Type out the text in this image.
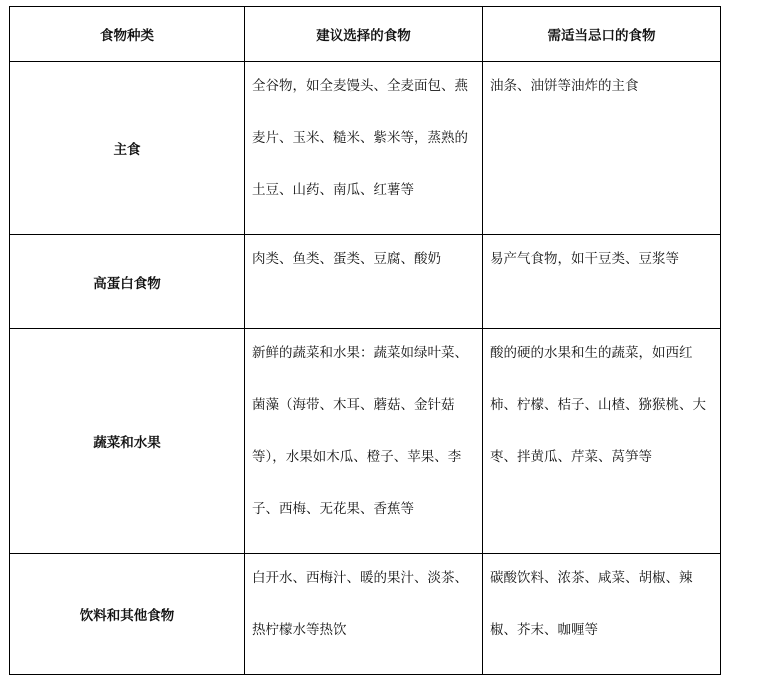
食物种类	建议选择的食物	需适当忌口的食物
主食	全谷物，如全麦馒头、全麦面包、燕麦片、玉米、糙米、紫米等，蒸熟的土豆、山药、南瓜、红薯等	油条、油饼等油炸的主食

高蛋白食物	肉类、鱼类、蛋类、豆腐、酸奶	易产气食物，如干豆类、豆浆等

蔬菜和水果	新鲜的蔬菜和水果：蔬菜如绿叶菜、菌藻（海带、木耳、蘑菇、金针菇等），水果如木瓜、橙子、苹果、李子、西梅、无花果、香蕉等	酸的硬的水果和生的蔬菜，如西红柿、柠檬、桔子、山楂、猕猴桃、大枣、拌黄瓜、芹菜、莴笋等

饮料和其他食物	白开水、西梅汁、暖的果汁、淡茶、热柠檬水等热饮	碳酸饮料、浓茶、咸菜、胡椒、辣椒、芥末、咖喱等
